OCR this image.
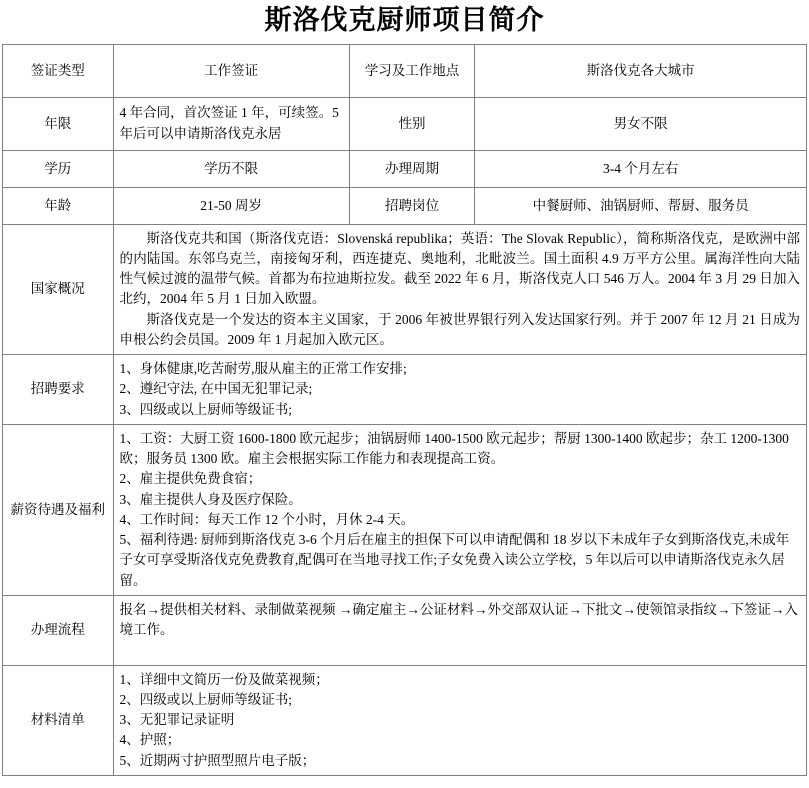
斯洛伐克厨师项目简介
签证类型	工作签证	学习及工作地点	斯洛伐克各大城市
年限	4 年合同，首次签证 1 年，可续签。5 年后可以申请斯洛伐克永居	性别	男女不限
学历	学历不限	办理周期	3-4 个月左右
年龄	21-50 周岁	招聘岗位	中餐厨师、油锅厨师、帮厨、服务员
国家概况	斯洛伐克共和国（斯洛伐克语：Slovenská republika；英语：The Slovak Republic），简称斯洛伐克，是欧洲中部的内陆国。东邻乌克兰，南接匈牙利，西连捷克、奥地利，北毗波兰。国土面积 4.9 万平方公里。属海洋性向大陆性气候过渡的温带气候。首都为布拉迪斯拉发。截至 2022 年 6 月，斯洛伐克人口 546 万人。2004 年 3 月 29 日加入北约，2004 年 5 月 1 日加入欧盟。

斯洛伐克是一个发达的资本主义国家，于 2006 年被世界银行列入发达国家行列。并于 2007 年 12 月 21 日成为申根公约会员国。2009 年 1 月起加入欧元区。		

招聘要求	1、身体健康,吃苦耐劳,服从雇主的正常工作安排;

2、遵纪守法, 在中国无犯罪记录;

3、四级或以上厨师等级证书;		

薪资待遇及福利	1、工资：大厨工资 1600-1800 欧元起步；油锅厨师 1400-1500 欧元起步；帮厨 1300-1400 欧起步；杂工 1200-1300 欧；服务员 1300 欧。雇主会根据实际工作能力和表现提高工资。

2、雇主提供免费食宿；

3、雇主提供人身及医疗保险。

4、工作时间：每天工作 12 个小时，月休 2-4 天。

5、福利待遇: 厨师到斯洛伐克 3-6 个月后在雇主的担保下可以申请配偶和 18 岁以下未成年子女到斯洛伐克,未成年子女可享受斯洛伐克免费教育,配偶可在当地寻找工作;子女免费入读公立学校，5 年以后可以申请斯洛伐克永久居留。		

办理流程	报名→提供相关材料、录制做菜视频 →确定雇主→公证材料→外交部双认证→下批文→使领馆录指纹→下签证→入境工作。		

材料清单	1、详细中文简历一份及做菜视频；

2、四级或以上厨师等级证书;

3、无犯罪记录证明

4、护照；

5、近期两寸护照型照片电子版；		
